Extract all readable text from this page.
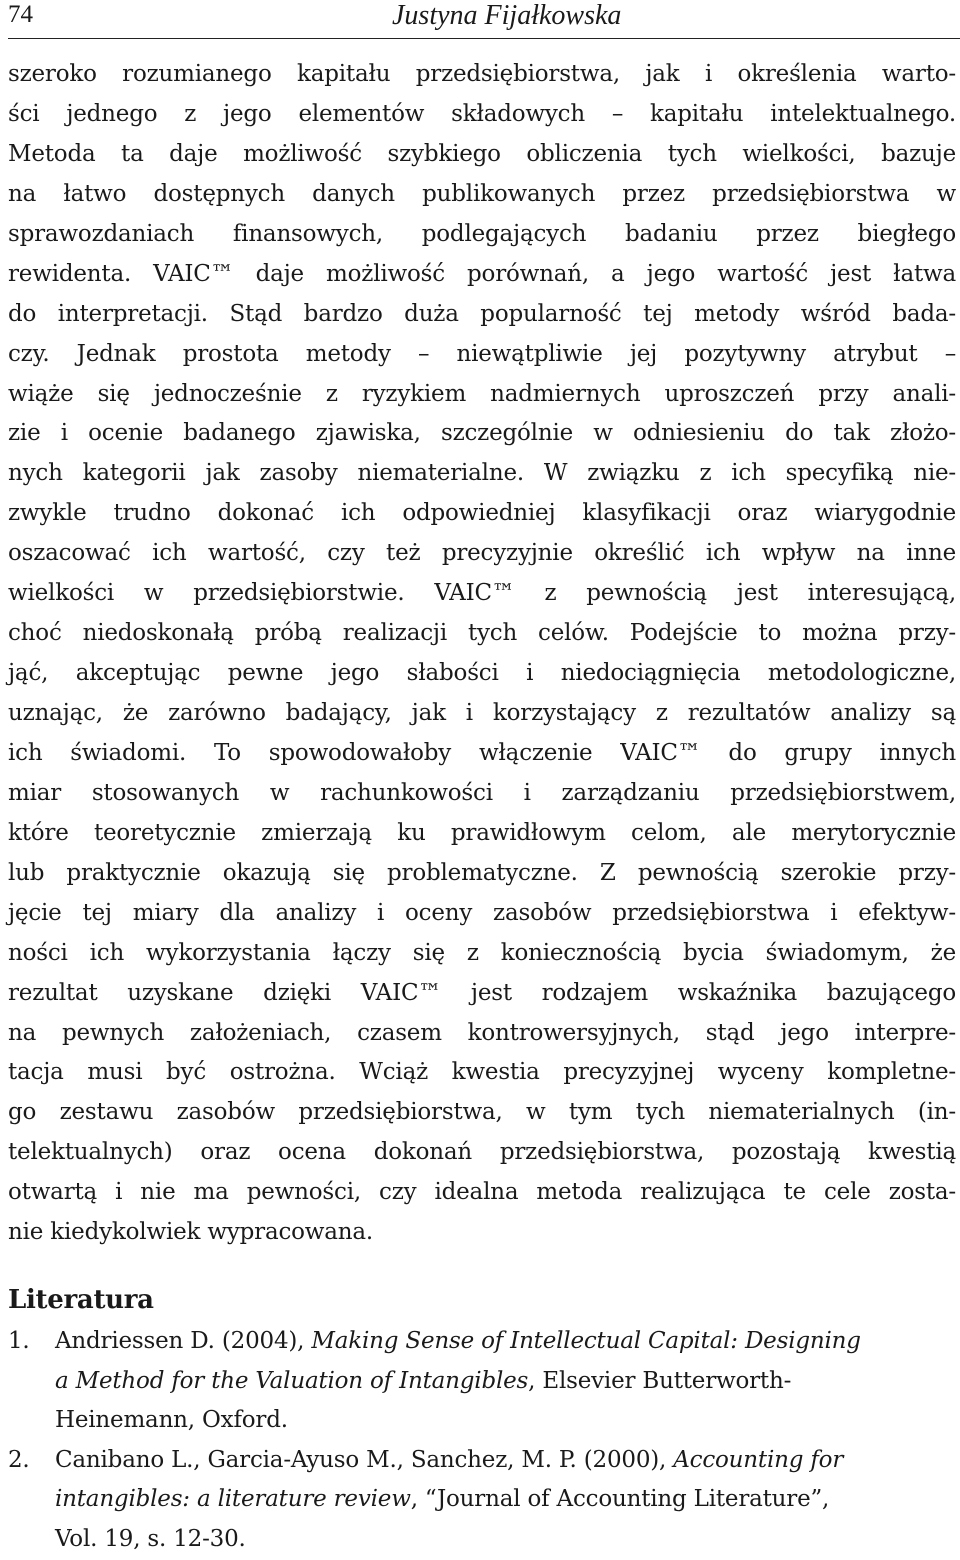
74	Justyna Fijałkowska
szeroko rozumianego kapitału przedsiębiorstwa, jak i określenia warto-
ści jednego z jego elementów składowych – kapitału intelektualnego.
Metoda ta daje możliwość szybkiego obliczenia tych wielkości, bazuje
na łatwo dostępnych danych publikowanych przez przedsiębiorstwa w
sprawozdaniach finansowych, podlegających badaniu przez biegłego
rewidenta. VAIC™ daje możliwość porównań, a jego wartość jest łatwa
do interpretacji. Stąd bardzo duża popularność tej metody wśród bada-
czy. Jednak prostota metody – niewątpliwie jej pozytywny atrybut –
wiąże się jednocześnie z ryzykiem nadmiernych uproszczeń przy anali-
zie i ocenie badanego zjawiska, szczególnie w odniesieniu do tak złożo-
nych kategorii jak zasoby niematerialne. W związku z ich specyfiką nie-
zwykle trudno dokonać ich odpowiedniej klasyfikacji oraz wiarygodnie
oszacować ich wartość, czy też precyzyjnie określić ich wpływ na inne
wielkości w przedsiębiorstwie. VAIC™ z pewnością jest interesującą,
choć niedoskonałą próbą realizacji tych celów. Podejście to można przy-
jąć, akceptując pewne jego słabości i niedociągnięcia metodologiczne,
uznając, że zarówno badający, jak i korzystający z rezultatów analizy są
ich świadomi. To spowodowałoby włączenie VAIC™ do grupy innych
miar stosowanych w rachunkowości i zarządzaniu przedsiębiorstwem,
które teoretycznie zmierzają ku prawidłowym celom, ale merytorycznie
lub praktycznie okazują się problematyczne. Z pewnością szerokie przy-
jęcie tej miary dla analizy i oceny zasobów przedsiębiorstwa i efektyw-
ności ich wykorzystania łączy się z koniecznością bycia świadomym, że
rezultat uzyskane dzięki VAIC™ jest rodzajem wskaźnika bazującego
na pewnych założeniach, czasem kontrowersyjnych, stąd jego interpre-
tacja musi być ostrożna. Wciąż kwestia precyzyjnej wyceny kompletne-
go zestawu zasobów przedsiębiorstwa, w tym tych niematerialnych (in-
telektualnych) oraz ocena dokonań przedsiębiorstwa, pozostają kwestią
otwartą i nie ma pewności, czy idealna metoda realizująca te cele zosta-
nie kiedykolwiek wypracowana.
Literatura
1. Andriessen D. (2004), Making Sense of Intellectual Capital: Designing
a Method for the Valuation of Intangibles, Elsevier Butterworth-
Heinemann, Oxford.
2. Canibano L., Garcia-Ayuso M., Sanchez, M. P. (2000), Accounting for
intangibles: a literature review, “Journal of Accounting Literature”,
Vol. 19, s. 12-30.
